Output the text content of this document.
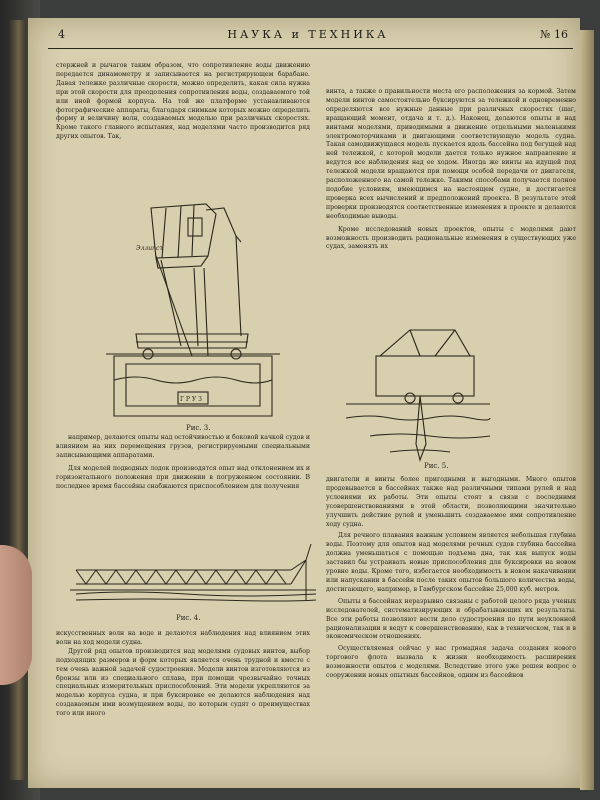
4	НАУКА и ТЕХНИКА	№ 16
стержней и рычагов таким образом, что сопротивление воды движению передается динамометру и записывается на регистрирующем барабане. Давая тележке различные скорости, можно определить, какая сила нужна при этой скорости для преодоления сопротивления воды, создаваемого той или иной формой корпуса. На той же платформе устанавливаются фотографические аппараты, благодаря снимкам которых можно определить форму и величину волн, создаваемых моделью при различных скоростях. Кроме такого главного испытания, над моделями часто производится ряд других опытов. Так,
Г Р У З
Эллипсъ
Рис. 3.
например, делаются опыты над остойчивостью и боковой качкой судов и влиянием на них перемещения грузов, регистрируемыми специальными записывающими аппаратами.
Для моделей подводных лодок производятся опыт над отклонением их и горизонтального положения при движении в погруженном состоянии. В последнее время бассейны снабжаются приспособлением для получения
Рис. 4.
искусственных волн на воде и делаются наблюдения над влиянием этих волн на ход модели судна.
Другой ряд опытов производится над моделями судовых винтов, выбор подходящих размеров и форм которых является очень трудной и вместе с тем очень важной задачей судостроения. Модели винтов изготовляются из бронзы или из специального сплава, при помощи чрезвычайно точных специальных измерительных приспособлений. Эти модели укрепляются за моделью корпуса судна, и при буксировке ее делаются наблюдения над создаваемым ими возмущением воды, по которым судят о преимуществах того или иного
винта, а также о правильности места его расположения за кормой. Затем модели винтов самостоятельно буксируются за тележкой и одновременно определяются все нужные данные при различных скоростях (шаг, вращающий момент, отдача и т. д.). Наконец, делаются опыты и над винтами моделями, приводимыми в движение отдельными маленькими электромоторчиками и двигающими соответствующую модель судна. Такая самодвижущаяся модель пускается вдоль бассейна под бегущей над ней тележкой, с которой модели дается только нужное направление и ведутся все наблюдения над ее ходом. Иногда же винты на идущей под тележкой модели вращаются при помощи особой передачи от двигателя, расположенного на самой тележке. Такими способами получается полное подобие условиям, имеющимся на настоящем судне, и достигается проверка всех вычислений и предположений проекта. В результате этой проверки производятся соответственные изменения в проекте и делаются необходимые выводы.
Кроме исследований новых проектов, опыты с моделями дают возможность производить рациональные изменения в существующих уже судах, заменять их
Рис. 5.
двигатели и винты более пригодными и выгодными. Много опытов продевывается в бассейнах также над различными типами рулей и над условиями их работы. Эти опыты стоят в связи с последними усовершенствованиями в этой области, позволяющими значительно улучшить действие рулей и уменьшить создаваемое ими сопротивление ходу судна.
Для речного плавания важным условием является небольшая глубина воды. Поэтому для опытов над моделями речных судов глубина бассейна должна уменьшаться с помощью подъема дна, так как выпуск воды заставил бы устраивать новые приспособления для буксировки на новом уровне воды. Кроме того, избегается необходимость в новом накачивании или напускании в бассейн после таких опытов большого количества воды, достигающего, например, в Гамбургском бассейне 25,000 куб. метров.
Опыты в бассейнах неразрывно связаны с работой целого ряда ученых исследователей, систематизирующих и обрабатывающих их результаты. Все эти работы позволяют вести дело судостроения по пути неуклонной рационализации и ведут к совершенствованию, как в техническом, так и в экономическом отношениях.
Осуществляемая сейчас у нас громадная задача создания нового торгового флота вызвала к жизни необходимость расширения возможности опытов с моделями. Вследствие этого уже решен вопрос о сооружении новых опытных бассейнов, одним из бассейнов
